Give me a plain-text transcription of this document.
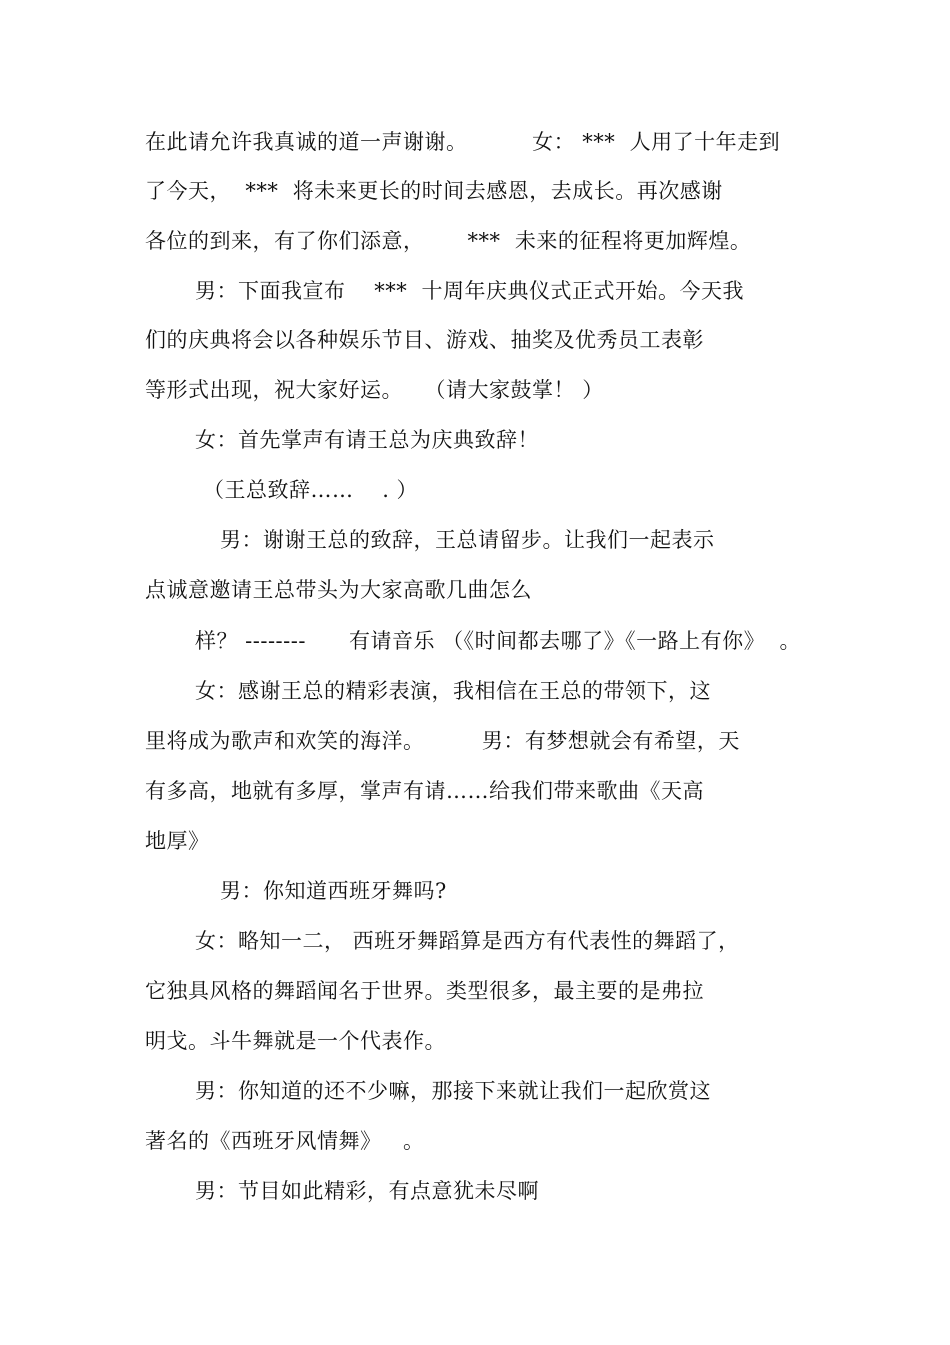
在此请允许我真诚的道一声谢谢。         女： ***  人用了十年走到
了今天，  ***  将未来更长的时间去感恩，去成长。再次感谢
各位的到来，有了你们添意，      ***  未来的征程将更加辉煌。
男：下面我宣布    ***  十周年庆典仪式正式开始。今天我
们的庆典将会以各种娱乐节目、游戏、抽奖及优秀员工表彰
等形式出现，祝大家好运。   （请大家鼓掌！ ）
女：首先掌声有请王总为庆典致辞！
（王总致辞……    . ）
男：谢谢王总的致辞，王总请留步。让我们一起表示
点诚意邀请王总带头为大家高歌几曲怎么
样？ --------      有请音乐 （《时间都去哪了》《一路上有你》  。
女：感谢王总的精彩表演，我相信在王总的带领下，这
里将成为歌声和欢笑的海洋。        男：有梦想就会有希望，天
有多高，地就有多厚，掌声有请……给我们带来歌曲《天高
地厚》
男：你知道西班牙舞吗?
女：略知一二， 西班牙舞蹈算是西方有代表性的舞蹈了，
它独具风格的舞蹈闻名于世界。类型很多，最主要的是弗拉
明戈。斗牛舞就是一个代表作。
男：你知道的还不少嘛，那接下来就让我们一起欣赏这
著名的《西班牙风情舞》   。
男：节目如此精彩，有点意犹未尽啊
